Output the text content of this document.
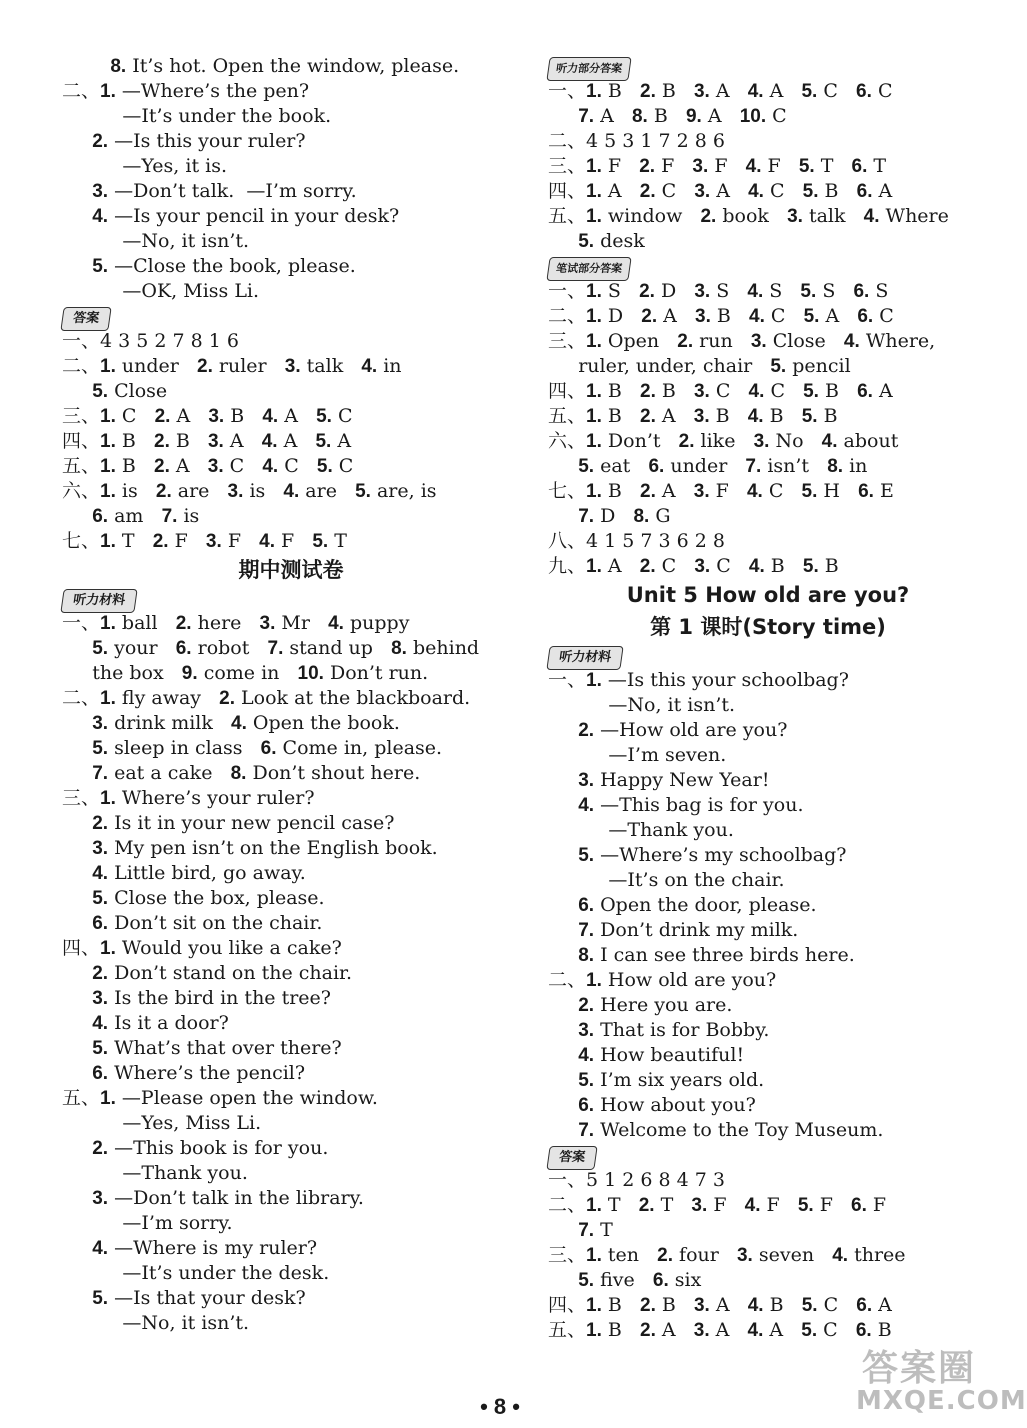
8. It’s hot. Open the window, please.
二、1. —Where’s the pen?
—It’s under the book.
2. —Is this your ruler?
—Yes, it is.
3. —Don’t talk.  —I’m sorry.
4. —Is your pencil in your desk?
—No, it isn’t.
5. —Close the book, please.
—OK, Miss Li.
答案
一、4 3 5 2 7 8 1 6
二、1. under   2. ruler   3. talk   4. in
5. Close
三、1. C   2. A   3. B   4. A   5. C
四、1. B   2. B   3. A   4. A   5. A
五、1. B   2. A   3. C   4. C   5. C
六、1. is   2. are   3. is   4. are   5. are, is
6. am   7. is
七、1. T   2. F   3. F   4. F   5. T
期中测试卷
听力材料
一、1. ball   2. here   3. Mr   4. puppy
5. your   6. robot   7. stand up   8. behind
the box   9. come in   10. Don’t run.
二、1. fly away   2. Look at the blackboard.
3. drink milk   4. Open the book.
5. sleep in class   6. Come in, please.
7. eat a cake   8. Don’t shout here.
三、1. Where’s your ruler?
2. Is it in your new pencil case?
3. My pen isn’t on the English book.
4. Little bird, go away.
5. Close the box, please.
6. Don’t sit on the chair.
四、1. Would you like a cake?
2. Don’t stand on the chair.
3. Is the bird in the tree?
4. Is it a door?
5. What’s that over there?
6. Where’s the pencil?
五、1. —Please open the window.
—Yes, Miss Li.
2. —This book is for you.
—Thank you.
3. —Don’t talk in the library.
—I’m sorry.
4. —Where is my ruler?
—It’s under the desk.
5. —Is that your desk?
—No, it isn’t.
听力部分答案
一、1. B   2. B   3. A   4. A   5. C   6. C
7. A   8. B   9. A   10. C
二、4 5 3 1 7 2 8 6
三、1. F   2. F   3. F   4. F   5. T   6. T
四、1. A   2. C   3. A   4. C   5. B   6. A
五、1. window   2. book   3. talk   4. Where
5. desk
笔试部分答案
一、1. S   2. D   3. S   4. S   5. S   6. S
二、1. D   2. A   3. B   4. C   5. A   6. C
三、1. Open   2. run   3. Close   4. Where,
ruler, under, chair   5. pencil
四、1. B   2. B   3. C   4. C   5. B   6. A
五、1. B   2. A   3. B   4. B   5. B
六、1. Don’t   2. like   3. No   4. about
5. eat   6. under   7. isn’t   8. in
七、1. B   2. A   3. F   4. C   5. H   6. E
7. D   8. G
八、4 1 5 7 3 6 2 8
九、1. A   2. C   3. C   4. B   5. B
Unit 5 How old are you?
第 1 课时(Story time)
听力材料
一、1. —Is this your schoolbag?
—No, it isn’t.
2. —How old are you?
—I’m seven.
3. Happy New Year!
4. —This bag is for you.
—Thank you.
5. —Where’s my schoolbag?
—It’s on the chair.
6. Open the door, please.
7. Don’t drink my milk.
8. I can see three birds here.
二、1. How old are you?
2. Here you are.
3. That is for Bobby.
4. How beautiful!
5. I’m six years old.
6. How about you?
7. Welcome to the Toy Museum.
答案
一、5 1 2 6 8 4 7 3
二、1. T   2. T   3. F   4. F   5. F   6. F
7. T
三、1. ten   2. four   3. seven   4. three
5. five   6. six
四、1. B   2. B   3. A   4. B   5. C   6. A
五、1. B   2. A   3. A   4. A   5. C   6. B
• 8 •
答案圈
MXQE.COM
